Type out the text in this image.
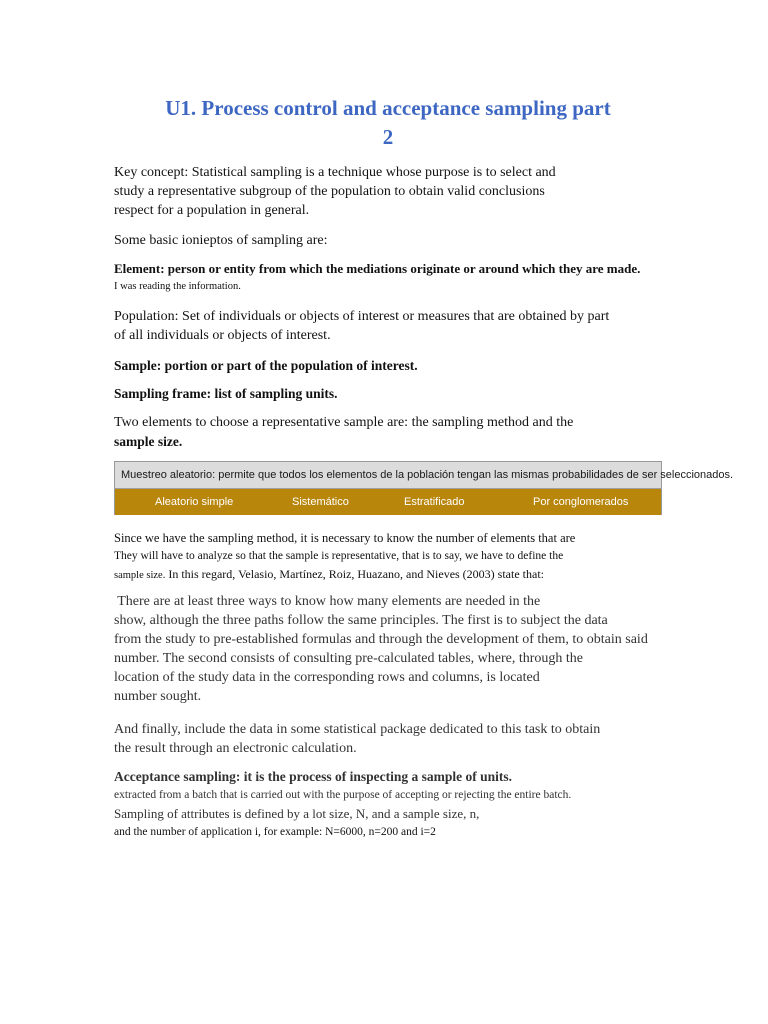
U1. Process control and acceptance sampling part
2

Key concept: Statistical sampling is a technique whose purpose is to select and
study a representative subgroup of the population to obtain valid conclusions
respect for a population in general.

Some basic ionieptos of sampling are:

Element: person or entity from which the mediations originate or around which they are made.
I was reading the information.

Population: Set of individuals or objects of interest or measures that are obtained by part
of all individuals or objects of interest.

Sample: portion or part of the population of interest.

Sampling frame: list of sampling units.

Two elements to choose a representative sample are: the sampling method and the
sample size.

Muestreo aleatorio: permite que todos los elementos de la población tengan las mismas probabilidades de ser seleccionados.
Aleatorio simple	Sistemático	Estratificado	Por conglomerados

Since we have the sampling method, it is necessary to know the number of elements that are
They will have to analyze so that the sample is representative, that is to say, we have to define the
sample size. In this regard, Velasio, Martínez, Roiz, Huazano, and Nieves (2003) state that:

There are at least three ways to know how many elements are needed in the
show, although the three paths follow the same principles. The first is to subject the data
from the study to pre-established formulas and through the development of them, to obtain said
number. The second consists of consulting pre-calculated tables, where, through the
location of the study data in the corresponding rows and columns, is located
number sought.

And finally, include the data in some statistical package dedicated to this task to obtain
the result through an electronic calculation.

Acceptance sampling: it is the process of inspecting a sample of units.
extracted from a batch that is carried out with the purpose of accepting or rejecting the entire batch.
Sampling of attributes is defined by a lot size, N, and a sample size, n,
and the number of application i, for example: N=6000, n=200 and i=2
